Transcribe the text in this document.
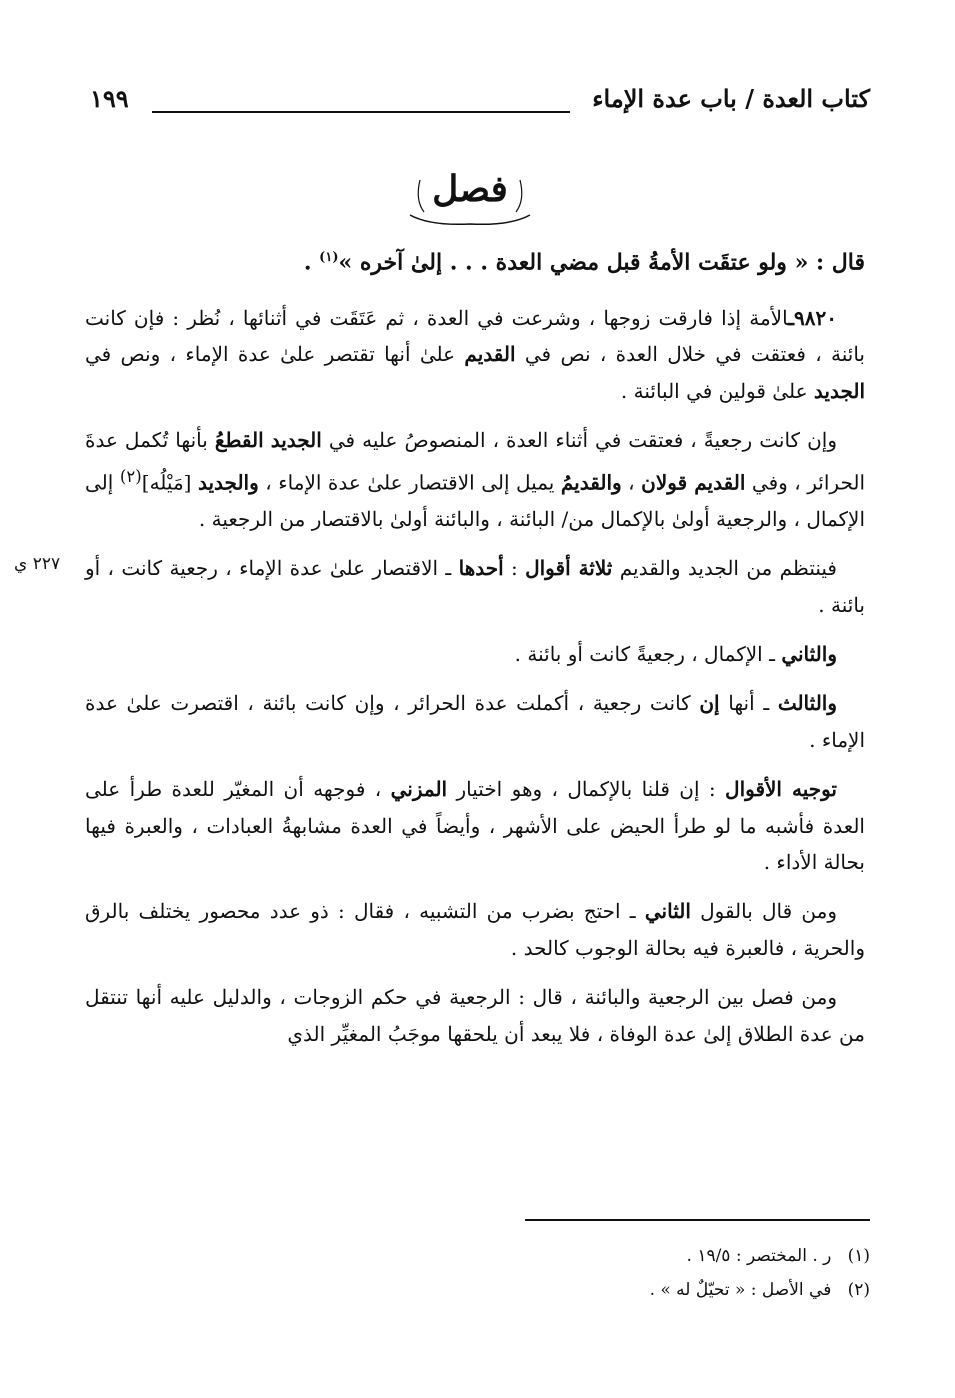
كتاب العدة / باب عدة الإماء
١٩٩
فصل
قال : « ولو عتقَت الأمةُ قبل مضي العدة . . . إلىٰ آخره »$^{(١)}$ .

٩٨٢٠ـالأمة إذا فارقت زوجها ، وشرعت في العدة ، ثم عَتَقَت في أثنائها ، نُظر : فإن كانت بائنة ، فعتقت في خلال العدة ، نص في القديم علىٰ أنها تقتصر علىٰ عدة الإماء ، ونص في الجديد علىٰ قولين في البائنة .

وإن كانت رجعيةً ، فعتقت في أثناء العدة ، المنصوصُ عليه في الجديد القطعُ بأنها تُكمل عدةَ الحرائر ، وفي القديم قولان ، والقديمُ يميل إلى الاقتصار علىٰ عدة الإماء ، والجديد [مَيْلُه]$^{(٢)}$ إلى الإكمال ، والرجعية أولىٰ بالإكمال من/ البائنة ، والبائنة أولىٰ بالاقتصار من الرجعية .

فينتظم من الجديد والقديم ثلاثة أقوال : أحدها ـ الاقتصار علىٰ عدة الإماء ، رجعية كانت ، أو بائنة .

والثاني ـ الإكمال ، رجعيةً كانت أو بائنة .

والثالث ـ أنها إن كانت رجعية ، أكملت عدة الحرائر ، وإن كانت بائنة ، اقتصرت علىٰ عدة الإماء .

توجيه الأقوال : إن قلنا بالإكمال ، وهو اختيار المزني ، فوجهه أن المغيّر للعدة طرأ على العدة فأشبه ما لو طرأ الحيض على الأشهر ، وأيضاً في العدة مشابهةُ العبادات ، والعبرة فيها بحالة الأداء .

ومن قال بالقول الثاني ـ احتج بضرب من التشبيه ، فقال : ذو عدد محصور يختلف بالرق والحرية ، فالعبرة فيه بحالة الوجوب كالحد .

ومن فصل بين الرجعية والبائنة ، قال : الرجعية في حكم الزوجات ، والدليل عليه أنها تنتقل من عدة الطلاق إلىٰ عدة الوفاة ، فلا يبعد أن يلحقها موجَبُ المغيِّر الذي

٢٢٧ ي
(١)   ر . المختصر : ١٩/٥ .
(٢)   في الأصل : « تحيّلٌ له » .
